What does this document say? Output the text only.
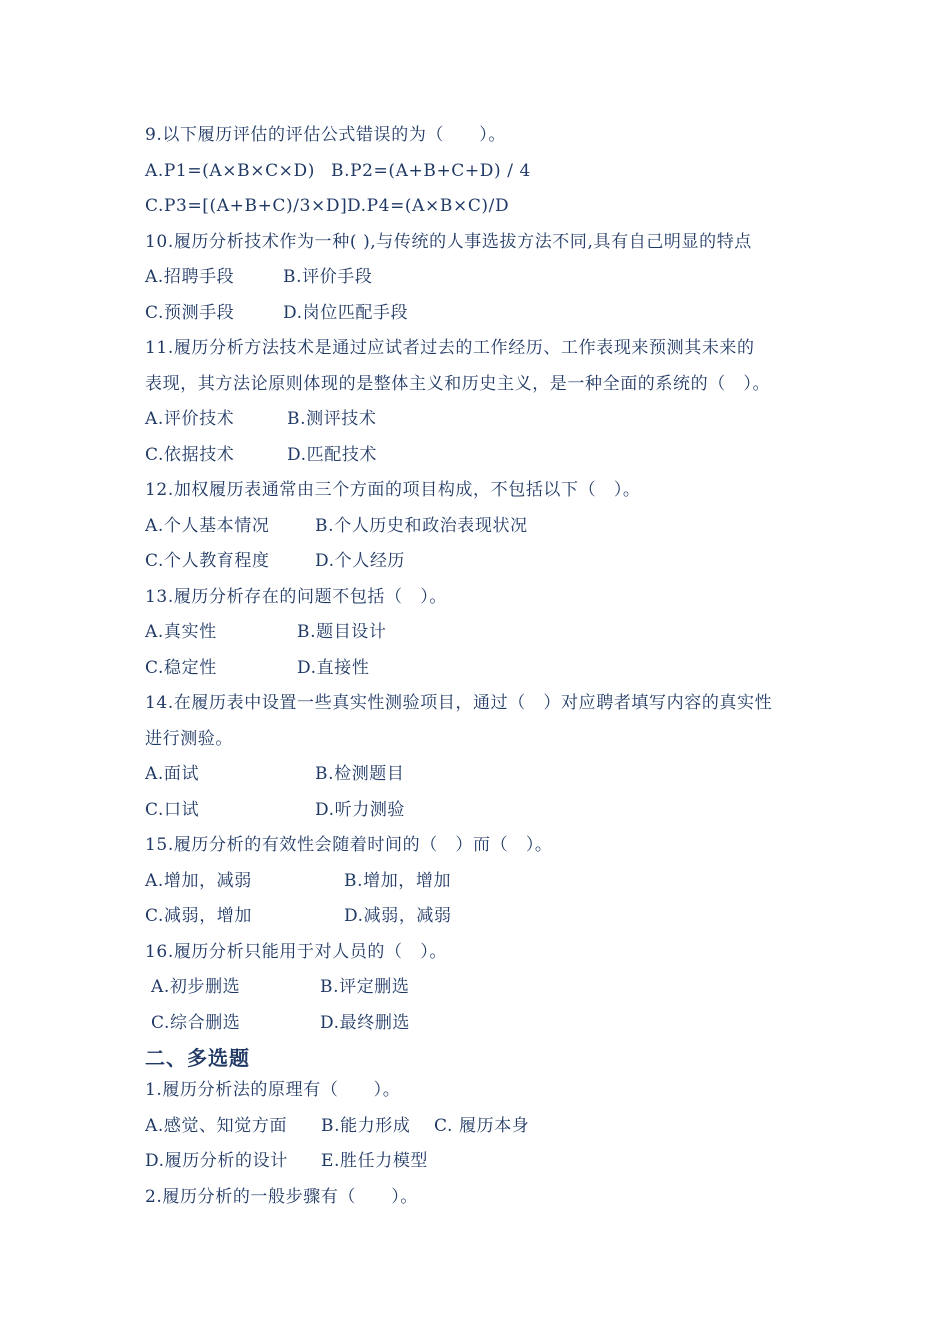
9.以下履历评估的评估公式错误的为（　　）。
A.P1=(A×B×C×D) B.P2=(A+B+C+D) / 4
C.P3=[(A+B+C)/3×D] D.P4=(A×B×C)/D
10.履历分析技术作为一种( ),与传统的人事选拔方法不同,具有自己明显的特点
A.招聘手段	B.评价手段
C.预测手段	D.岗位匹配手段
11.履历分析方法技术是通过应试者过去的工作经历、工作表现来预测其未来的
表现，其方法论原则体现的是整体主义和历史主义，是一种全面的系统的（　）。
A.评价技术	B.测评技术
C.依据技术	D.匹配技术
12.加权履历表通常由三个方面的项目构成，不包括以下（　）。
A.个人基本情况	B.个人历史和政治表现状况
C.个人教育程度	D.个人经历
13.履历分析存在的问题不包括（　）。
A.真实性	B.题目设计
C.稳定性	D.直接性
14.在履历表中设置一些真实性测验项目，通过（　）对应聘者填写内容的真实性
进行测验。
A.面试	B.检测题目
C.口试	D.听力测验
15.履历分析的有效性会随着时间的（　）而（　）。
A.增加，减弱	B.增加，增加
C.减弱，增加	D.减弱，减弱
16.履历分析只能用于对人员的（　）。
A.初步删选	B.评定删选
C.综合删选	D.最终删选
二、多选题
1.履历分析法的原理有（　　）。
A.感觉、知觉方面	B.能力形成	C. 履历本身
D.履历分析的设计	E.胜任力模型
2.履历分析的一般步骤有（　　）。
